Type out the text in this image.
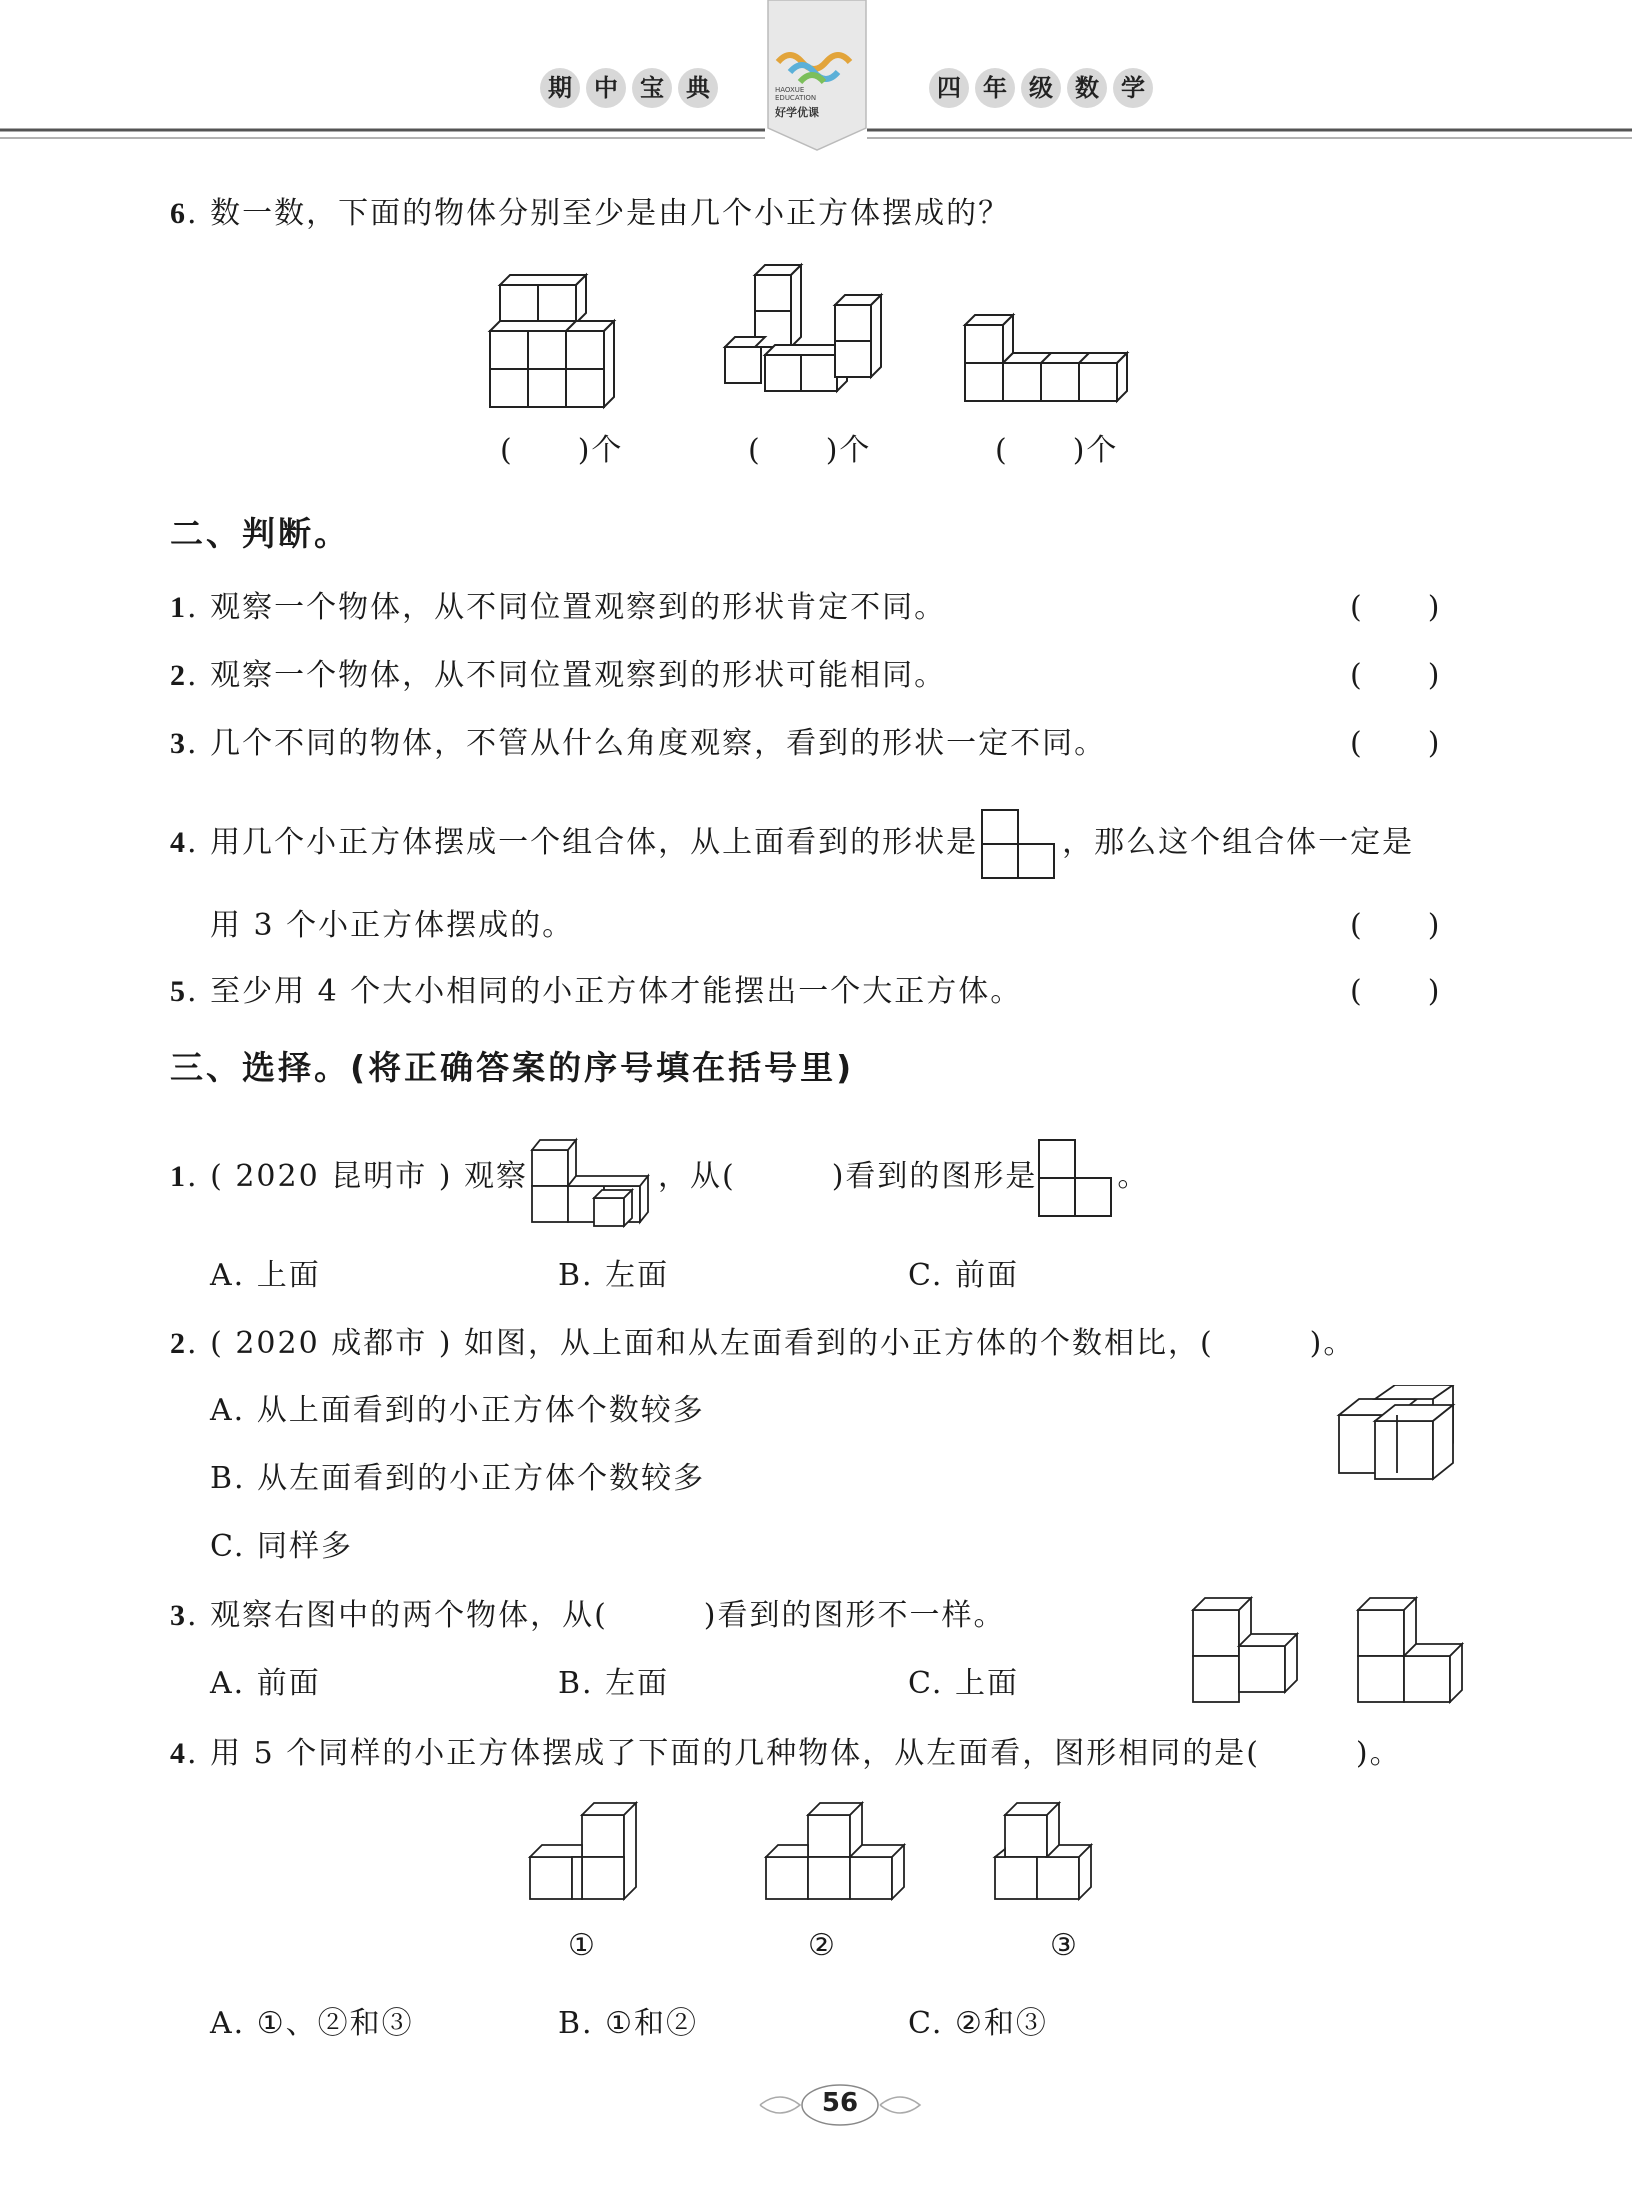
期 中 宝 典	四 年 级 数 学
HAOXUE EDUCATION
好学优课
6. 数一数，下面的物体分别至少是由几个小正方体摆成的？
(　　)个	(　　)个	(　　)个
二、判断。
1. 观察一个物体，从不同位置观察到的形状肯定不同。	(　　)
2. 观察一个物体，从不同位置观察到的形状可能相同。	(　　)
3. 几个不同的物体，不管从什么角度观察，看到的形状一定不同。	(　　)
4. 用几个小正方体摆成一个组合体，从上面看到的形状是	，那么这个组合体一定是
用 3 个小正方体摆成的。	(　　)
5. 至少用 4 个大小相同的小正方体才能摆出一个大正方体。	(　　)
三、选择。(将正确答案的序号填在括号里)
1. ( 2020 昆明市 ) 观察	，从(　　　)看到的图形是	。
A. 上面	B. 左面	C. 前面
2. ( 2020 成都市 ) 如图，从上面和从左面看到的小正方体的个数相比，(　　　)。
A. 从上面看到的小正方体个数较多
B. 从左面看到的小正方体个数较多
C. 同样多
3. 观察右图中的两个物体，从(　　　)看到的图形不一样。
A. 前面	B. 左面	C. 上面
4. 用 5 个同样的小正方体摆成了下面的几种物体，从左面看，图形相同的是(　　　)。
①	②	③
A. ①、②和③	B. ①和②	C. ②和③
56
